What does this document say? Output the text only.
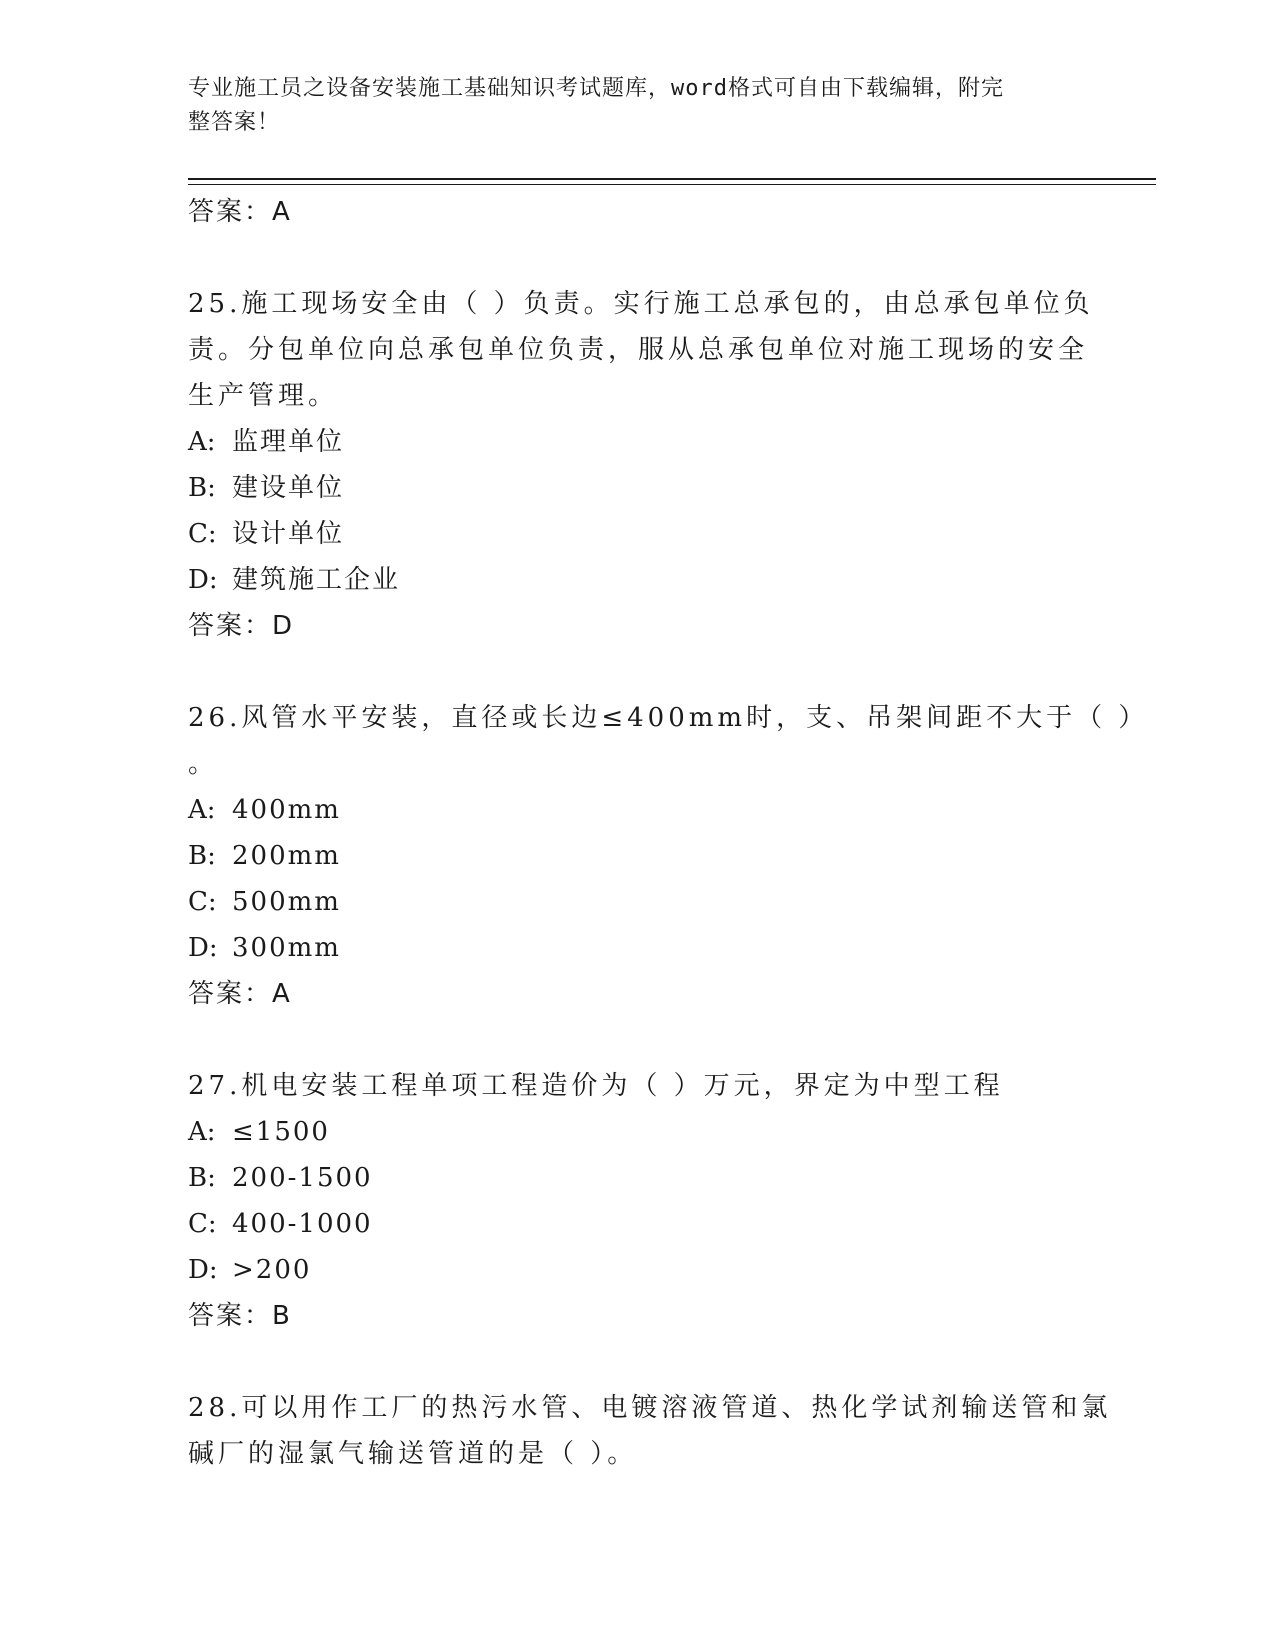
专业施工员之设备安装施工基础知识考试题库，word格式可自由下载编辑，附完
整答案！
答案：A
25.施工现场安全由（ ）负责。实行施工总承包的，由总承包单位负
责。分包单位向总承包单位负责，服从总承包单位对施工现场的安全
生产管理。
A: 监理单位
B: 建设单位
C: 设计单位
D: 建筑施工企业
答案：D
26.风管水平安装，直径或长边≤400mm时，支、吊架间距不大于（ ）
。
A: 400mm
B: 200mm
C: 500mm
D: 300mm
答案：A
27.机电安装工程单项工程造价为（ ）万元，界定为中型工程
A: ≤1500
B: 200-1500
C: 400-1000
D: >200
答案：B
28.可以用作工厂的热污水管、电镀溶液管道、热化学试剂输送管和氯
碱厂的湿氯气输送管道的是（ ）。
